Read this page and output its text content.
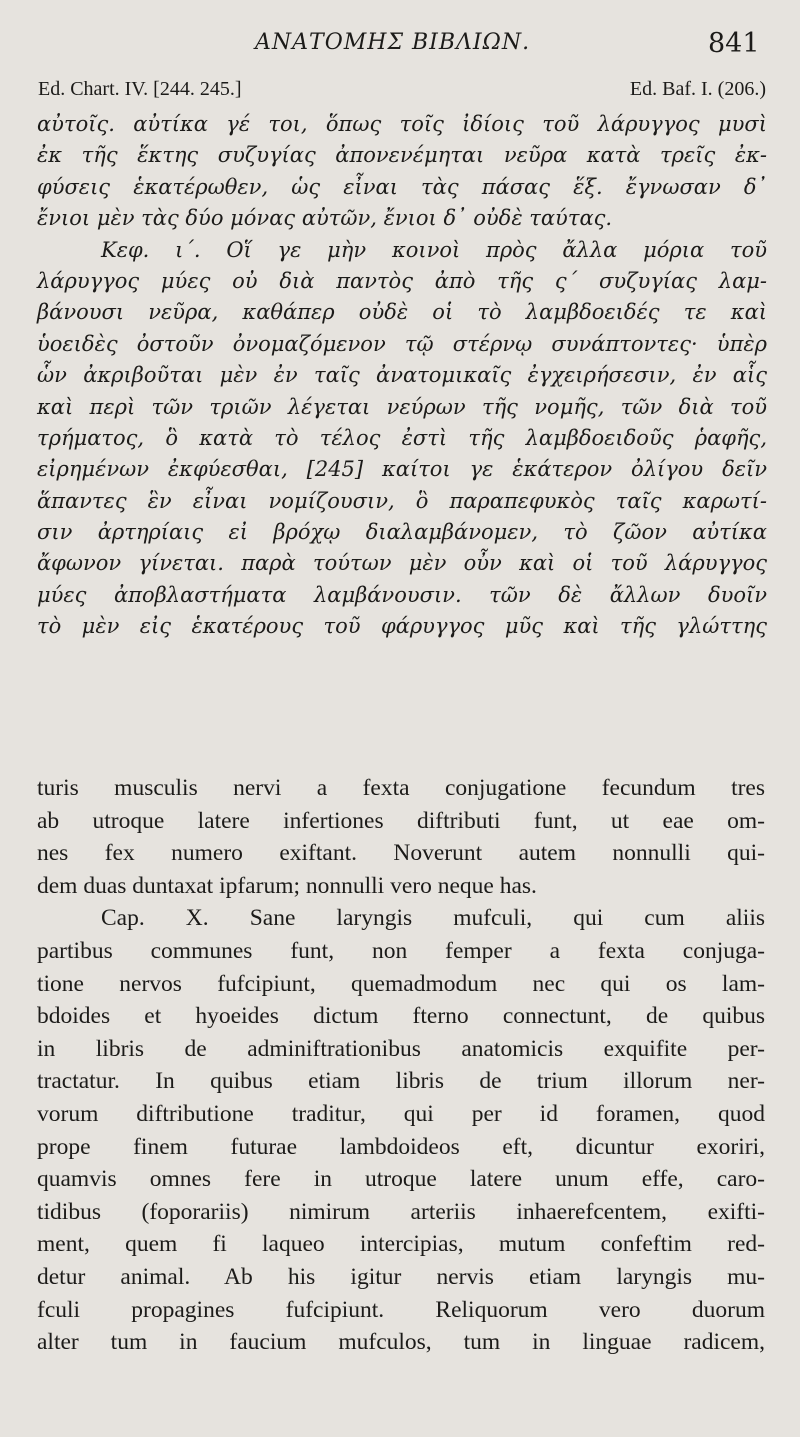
ΑΝΑΤΟΜΗΣ ΒΙΒΛΙΩΝ.	841
Ed. Chart. IV. [244. 245.]	Ed. Baf. I. (206.)
αὐτοῖς. αὐτίκα γέ τοι, ὅπως τοῖς ἰδίοις τοῦ λάρυγγος μυσὶ
ἐκ τῆς ἕκτης συζυγίας ἀπονενέμηται νεῦρα κατὰ τρεῖς ἐκ-
φύσεις ἑκατέρωθεν, ὡς εἶναι τὰς πάσας ἕξ. ἔγνωσαν δ᾽
ἔνιοι μὲν τὰς δύο μόνας αὐτῶν, ἔνιοι δ᾽ οὐδὲ ταύτας.
Κεφ. ι΄. Οἵ γε μὴν κοινοὶ πρὸς ἄλλα μόρια τοῦ
λάρυγγος μύες οὐ διὰ παντὸς ἀπὸ τῆς ς΄ συζυγίας λαμ-
βάνουσι νεῦρα, καθάπερ οὐδὲ οἱ τὸ λαμβδοειδές τε καὶ
ὑοειδὲς ὀστοῦν ὀνομαζόμενον τῷ στέρνῳ συνάπτοντες· ὑπὲρ
ὧν ἀκριβοῦται μὲν ἐν ταῖς ἀνατομικαῖς ἐγχειρήσεσιν, ἐν αἷς
καὶ περὶ τῶν τριῶν λέγεται νεύρων τῆς νομῆς, τῶν διὰ τοῦ
τρήματος, ὃ κατὰ τὸ τέλος ἐστὶ τῆς λαμβδοειδοῦς ῥαφῆς,
εἰρημένων ἐκφύεσθαι, [245] καίτοι γε ἑκάτερον ὀλίγου δεῖν
ἅπαντες ἓν εἶναι νομίζουσιν, ὃ παραπεφυκὸς ταῖς καρωτί-
σιν ἀρτηρίαις εἰ βρόχῳ διαλαμβάνομεν, τὸ ζῶον αὐτίκα
ἄφωνον γίνεται. παρὰ τούτων μὲν οὖν καὶ οἱ τοῦ λάρυγγος
μύες ἀποβλαστήματα λαμβάνουσιν. τῶν δὲ ἄλλων δυοῖν
τὸ μὲν εἰς ἑκατέρους τοῦ φάρυγγος μῦς καὶ τῆς γλώττης
turis musculis nervi a fexta conjugatione fecundum tres
ab utroque latere infertiones diftributi funt, ut eae om-
nes fex numero exiftant. Noverunt autem nonnulli qui-
dem duas duntaxat ipfarum; nonnulli vero neque has.
Cap. X. Sane laryngis mufculi, qui cum aliis
partibus communes funt, non femper a fexta conjuga-
tione nervos fufcipiunt, quemadmodum nec qui os lam-
bdoides et hyoeides dictum fterno connectunt, de quibus
in libris de adminiftrationibus anatomicis exquifite per-
tractatur. In quibus etiam libris de trium illorum ner-
vorum diftributione traditur, qui per id foramen, quod
prope finem futurae lambdoideos eft, dicuntur exoriri,
quamvis omnes fere in utroque latere unum effe, caro-
tidibus (foporariis) nimirum arteriis inhaerefcentem, exifti-
ment, quem fi laqueo intercipias, mutum confeftim red-
detur animal. Ab his igitur nervis etiam laryngis mu-
fculi propagines fufcipiunt. Reliquorum vero duorum
alter tum in faucium mufculos, tum in linguae radicem,
